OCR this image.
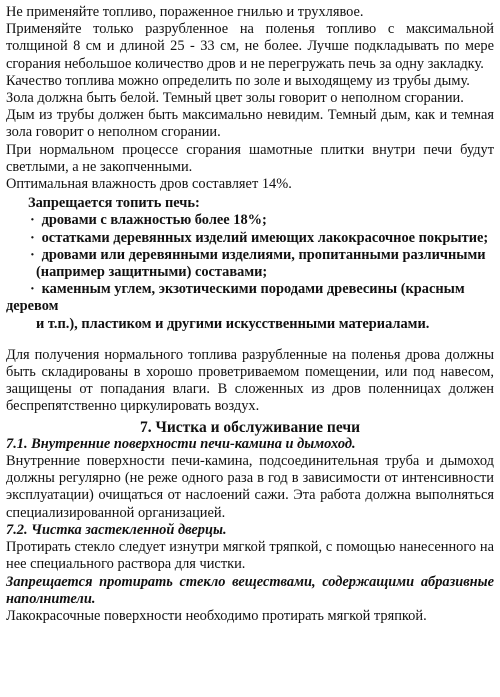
Не применяйте топливо, пораженное гнилью и трухлявое.

Применяйте только разрубленное на поленья топливо с максимальной толщиной 8 см и длиной 25 - 33 см, не более. Лучше подкладывать по мере сгорания небольшое количество дров и не перегружать печь за одну закладку.

Качество топлива можно определить по золе и выходящему из трубы дыму.

Зола должна быть белой. Темный цвет золы говорит о неполном сгорании.

Дым из трубы должен быть максимально невидим. Темный дым, как и темная зола говорит о неполном сгорании.

При нормальном процессе сгорания шамотные плитки внутри печи будут светлыми, а не закопченными.

Оптимальная влажность дров составляет 14%.

Запрещается топить печь:

· дровами с влажностью более 18%;
· остатками деревянных изделий имеющих лакокрасочное покрытие;
· дровами или деревянными изделиями, пропитанными различными
(например защитными) составами;
· каменным углем, экзотическими породами древесины (красным
деревом
и т.п.), пластиком и другими искусственными материалами.

Для получения нормального топлива разрубленные на поленья дрова должны быть складированы в хорошо проветриваемом помещении, или под навесом, защищены от попадания влаги. В сложенных из дров поленницах должен беспрепятственно циркулировать воздух.

7. Чистка и обслуживание печи

7.1. Внутренние поверхности печи-камина и дымоход.

Внутренние поверхности печи-камина, подсоединительная труба и дымоход должны регулярно (не реже одного раза в год в зависимости от интенсивности эксплуатации) очищаться от наслоений сажи. Эта работа должна выполняться специализированной организацией.

7.2. Чистка застекленной дверцы.

Протирать стекло следует изнутри мягкой тряпкой, с помощью нанесенного на нее специального раствора для чистки.

Запрещается протирать стекло веществами, содержащими абразивные наполнители.

Лакокрасочные поверхности необходимо протирать мягкой тряпкой.
